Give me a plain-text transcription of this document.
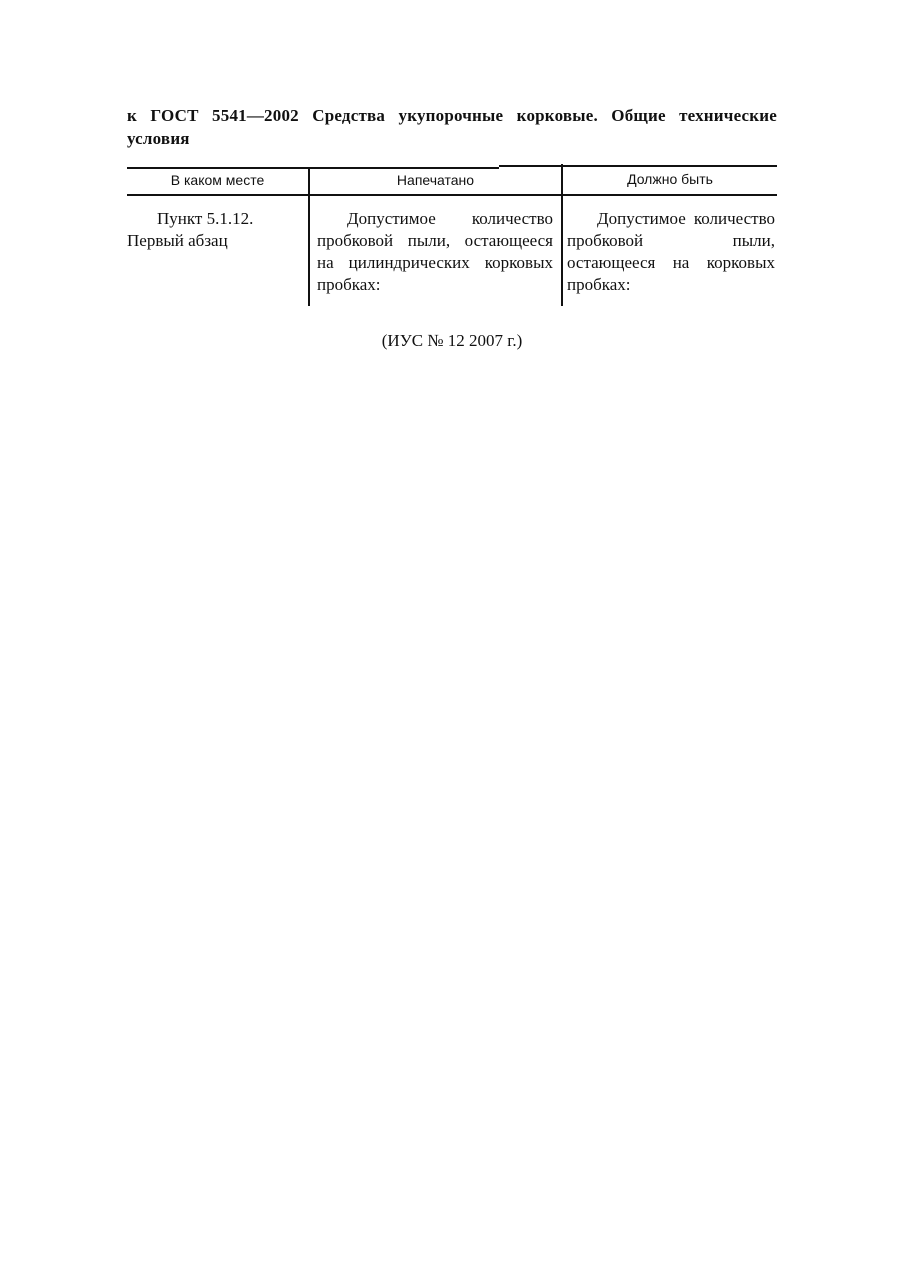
к ГОСТ 5541—2002 Средства укупорочные корковые. Общие технические условия
В каком месте	Напечатано	Должно быть
Пункт 5.1.12.
Первый абзац
Допустимое количество пробковой пыли, остающееся на цилиндрических корковых пробках:
Допустимое количество пробковой пыли, остающееся на корковых пробках:
(ИУС № 12 2007 г.)
